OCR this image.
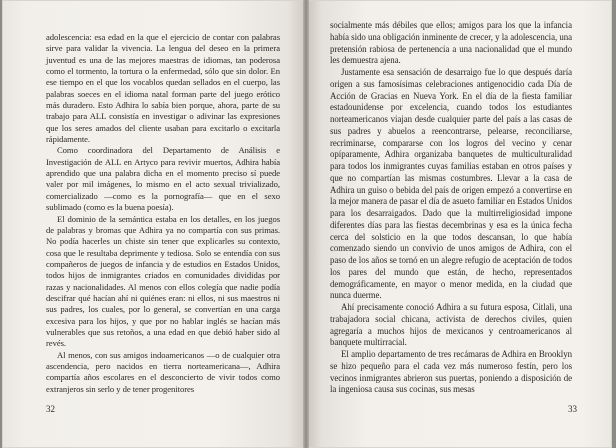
adolescencia: esa edad en la que el ejercicio de contar con palabras sirve para validar la vivencia. La lengua del deseo en la primera juventud es una de las mejores maestras de idiomas, tan poderosa como el tormento, la tortura o la enfermedad, sólo que sin dolor. En ese tiempo en el que los vocablos quedan sellados en el cuerpo, las palabras soeces en el idioma natal forman parte del juego erótico más duradero. Esto Adhira lo sabía bien porque, ahora, parte de su trabajo para ALL consistía en investigar o adivinar las expresiones que los seres amados del cliente usaban para excitarlo o excitarla rápidamente.

Como coordinadora del Departamento de Análisis e Investigación de ALL en Artyco para revivir muertos, Adhira había aprendido que una palabra dicha en el momento preciso sí puede valer por mil imágenes, lo mismo en el acto sexual trivializado, comercializado —como es la pornografía— que en el sexo sublimado (como es la buena poesía).

El dominio de la semántica estaba en los detalles, en los juegos de palabras y bromas que Adhira ya no compartía con sus primas. No podía hacerles un chiste sin tener que explicarles su contexto, cosa que le resultaba deprimente y tediosa. Solo se entendía con sus compañeros de juegos de infancia y de estudios en Estados Unidos, todos hijos de inmigrantes criados en comunidades divididas por razas y nacionalidades. Al menos con ellos colegía que nadie podía descifrar qué hacían ahí ni quiénes eran: ni ellos, ni sus maestros ni sus padres, los cuales, por lo general, se convertían en una carga excesiva para los hijos, y que por no hablar inglés se hacían más vulnerables que sus retoños, a una edad en que debió haber sido al revés.

Al menos, con sus amigos indoamericanos —o de cualquier otra ascendencia, pero nacidos en tierra norteamericana—, Adhira compartía años escolares en el desconcierto de vivir todos como extranjeros sin serlo y de tener progenitores

32

socialmente más débiles que ellos; amigos para los que la infancia había sido una obligación inminente de crecer, y la adolescencia, una pretensión rabiosa de pertenencia a una nacionalidad que el mundo les demuestra ajena.

Justamente esa sensación de desarraigo fue lo que después daría origen a sus famosísimas celebraciones antigenocidio cada Día de Acción de Gracias en Nueva York. En el día de la fiesta familiar estadounidense por excelencia, cuando todos los estudiantes norteamericanos viajan desde cualquier parte del país a las casas de sus padres y abuelos a reencontrarse, pelearse, reconciliarse, recriminarse, compararse con los logros del vecino y cenar opíparamente, Adhira organizaba banquetes de multiculturalidad para todos los inmigrantes cuyas familias estaban en otros países y que no compartían las mismas costumbres. Llevar a la casa de Adhira un guiso o bebida del país de origen empezó a convertirse en la mejor manera de pasar el día de asueto familiar en Estados Unidos para los desarraigados. Dado que la multirreligiosidad impone diferentes días para las fiestas decembrinas y esa es la única fecha cerca del solsticio en la que todos descansan, lo que había comenzado siendo un convivio de unos amigos de Adhira, con el paso de los años se tornó en un alegre refugio de aceptación de todos los pares del mundo que están, de hecho, representados demográficamente, en mayor o menor medida, en la ciudad que nunca duerme.

Ahí precisamente conoció Adhira a su futura esposa, Citlali, una trabajadora social chicana, activista de derechos civiles, quien agregaría a muchos hijos de mexicanos y centroamericanos al banquete multirracial.

El amplio departamento de tres recámaras de Adhira en Brooklyn se hizo pequeño para el cada vez más numeroso festín, pero los vecinos inmigrantes abrieron sus puertas, poniendo a disposición de la ingeniosa causa sus cocinas, sus mesas

33
